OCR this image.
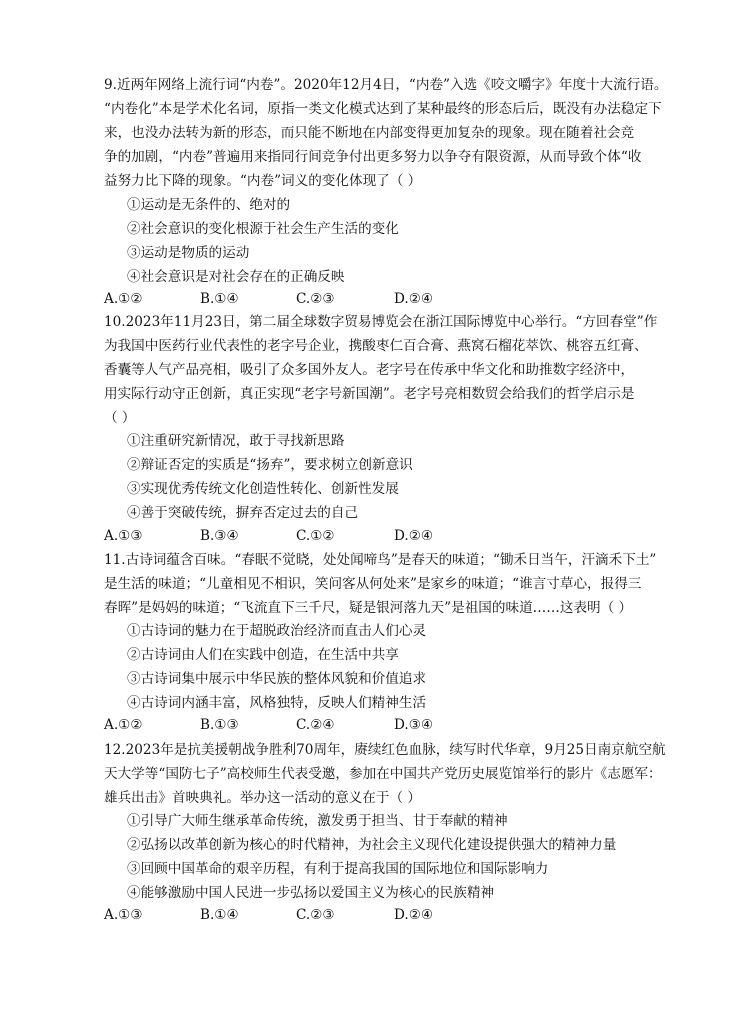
9.近两年网络上流行词“内卷”。2020年12月4日，“内卷”入选《咬文嚼字》年度十大流行语。
“内卷化”本是学术化名词，原指一类文化模式达到了某种最终的形态后后，既没有办法稳定下
来，也没办法转为新的形态，而只能不断地在内部变得更加复杂的现象。现在随着社会竞
争的加剧，“内卷”普遍用来指同行间竞争付出更多努力以争夺有限资源，从而导致个体“收
益努力比下降的现象。“内卷”词义的变化体现了（ ）
①运动是无条件的、绝对的
②社会意识的变化根源于社会生产生活的变化
③运动是物质的运动
④社会意识是对社会存在的正确反映
A.①②	B.①④	C.②③	D.②④
10.2023年11月23日，第二届全球数字贸易博览会在浙江国际博览中心举行。“方回春堂”作
为我国中医药行业代表性的老字号企业，携酸枣仁百合膏、燕窝石榴花萃饮、桃容五红膏、
香囊等人气产品亮相，吸引了众多国外友人。老字号在传承中华文化和助推数字经济中，
用实际行动守正创新，真正实现“老字号新国潮”。老字号亮相数贸会给我们的哲学启示是
（ ）
①注重研究新情况，敢于寻找新思路
②辩证否定的实质是“扬弃”，要求树立创新意识
③实现优秀传统文化创造性转化、创新性发展
④善于突破传统，摒弃否定过去的自己
A.①③	B.③④	C.①②	D.②④
11.古诗词蕴含百味。“春眠不觉晓，处处闻啼鸟”是春天的味道；“锄禾日当午，汗滴禾下土”
是生活的味道；“儿童相见不相识，笑问客从何处来”是家乡的味道；“谁言寸草心，报得三
春晖”是妈妈的味道；“飞流直下三千尺，疑是银河落九天”是祖国的味道……这表明（ ）
①古诗词的魅力在于超脱政治经济而直击人们心灵
②古诗词由人们在实践中创造，在生活中共享
③古诗词集中展示中华民族的整体风貌和价值追求
④古诗词内涵丰富，风格独特，反映人们精神生活
A.①②	B.①③	C.②④	D.③④
12.2023年是抗美援朝战争胜利70周年，赓续红色血脉，续写时代华章，9月25日南京航空航
天大学等“国防七子”高校师生代表受邀，参加在中国共产党历史展览馆举行的影片《志愿军：
雄兵出击》首映典礼。举办这一活动的意义在于（ ）
①引导广大师生继承革命传统，激发勇于担当、甘于奉献的精神
②弘扬以改革创新为核心的时代精神，为社会主义现代化建设提供强大的精神力量
③回顾中国革命的艰辛历程，有利于提高我国的国际地位和国际影响力
④能够激励中国人民进一步弘扬以爱国主义为核心的民族精神
A.①③	B.①④	C.②③	D.②④
